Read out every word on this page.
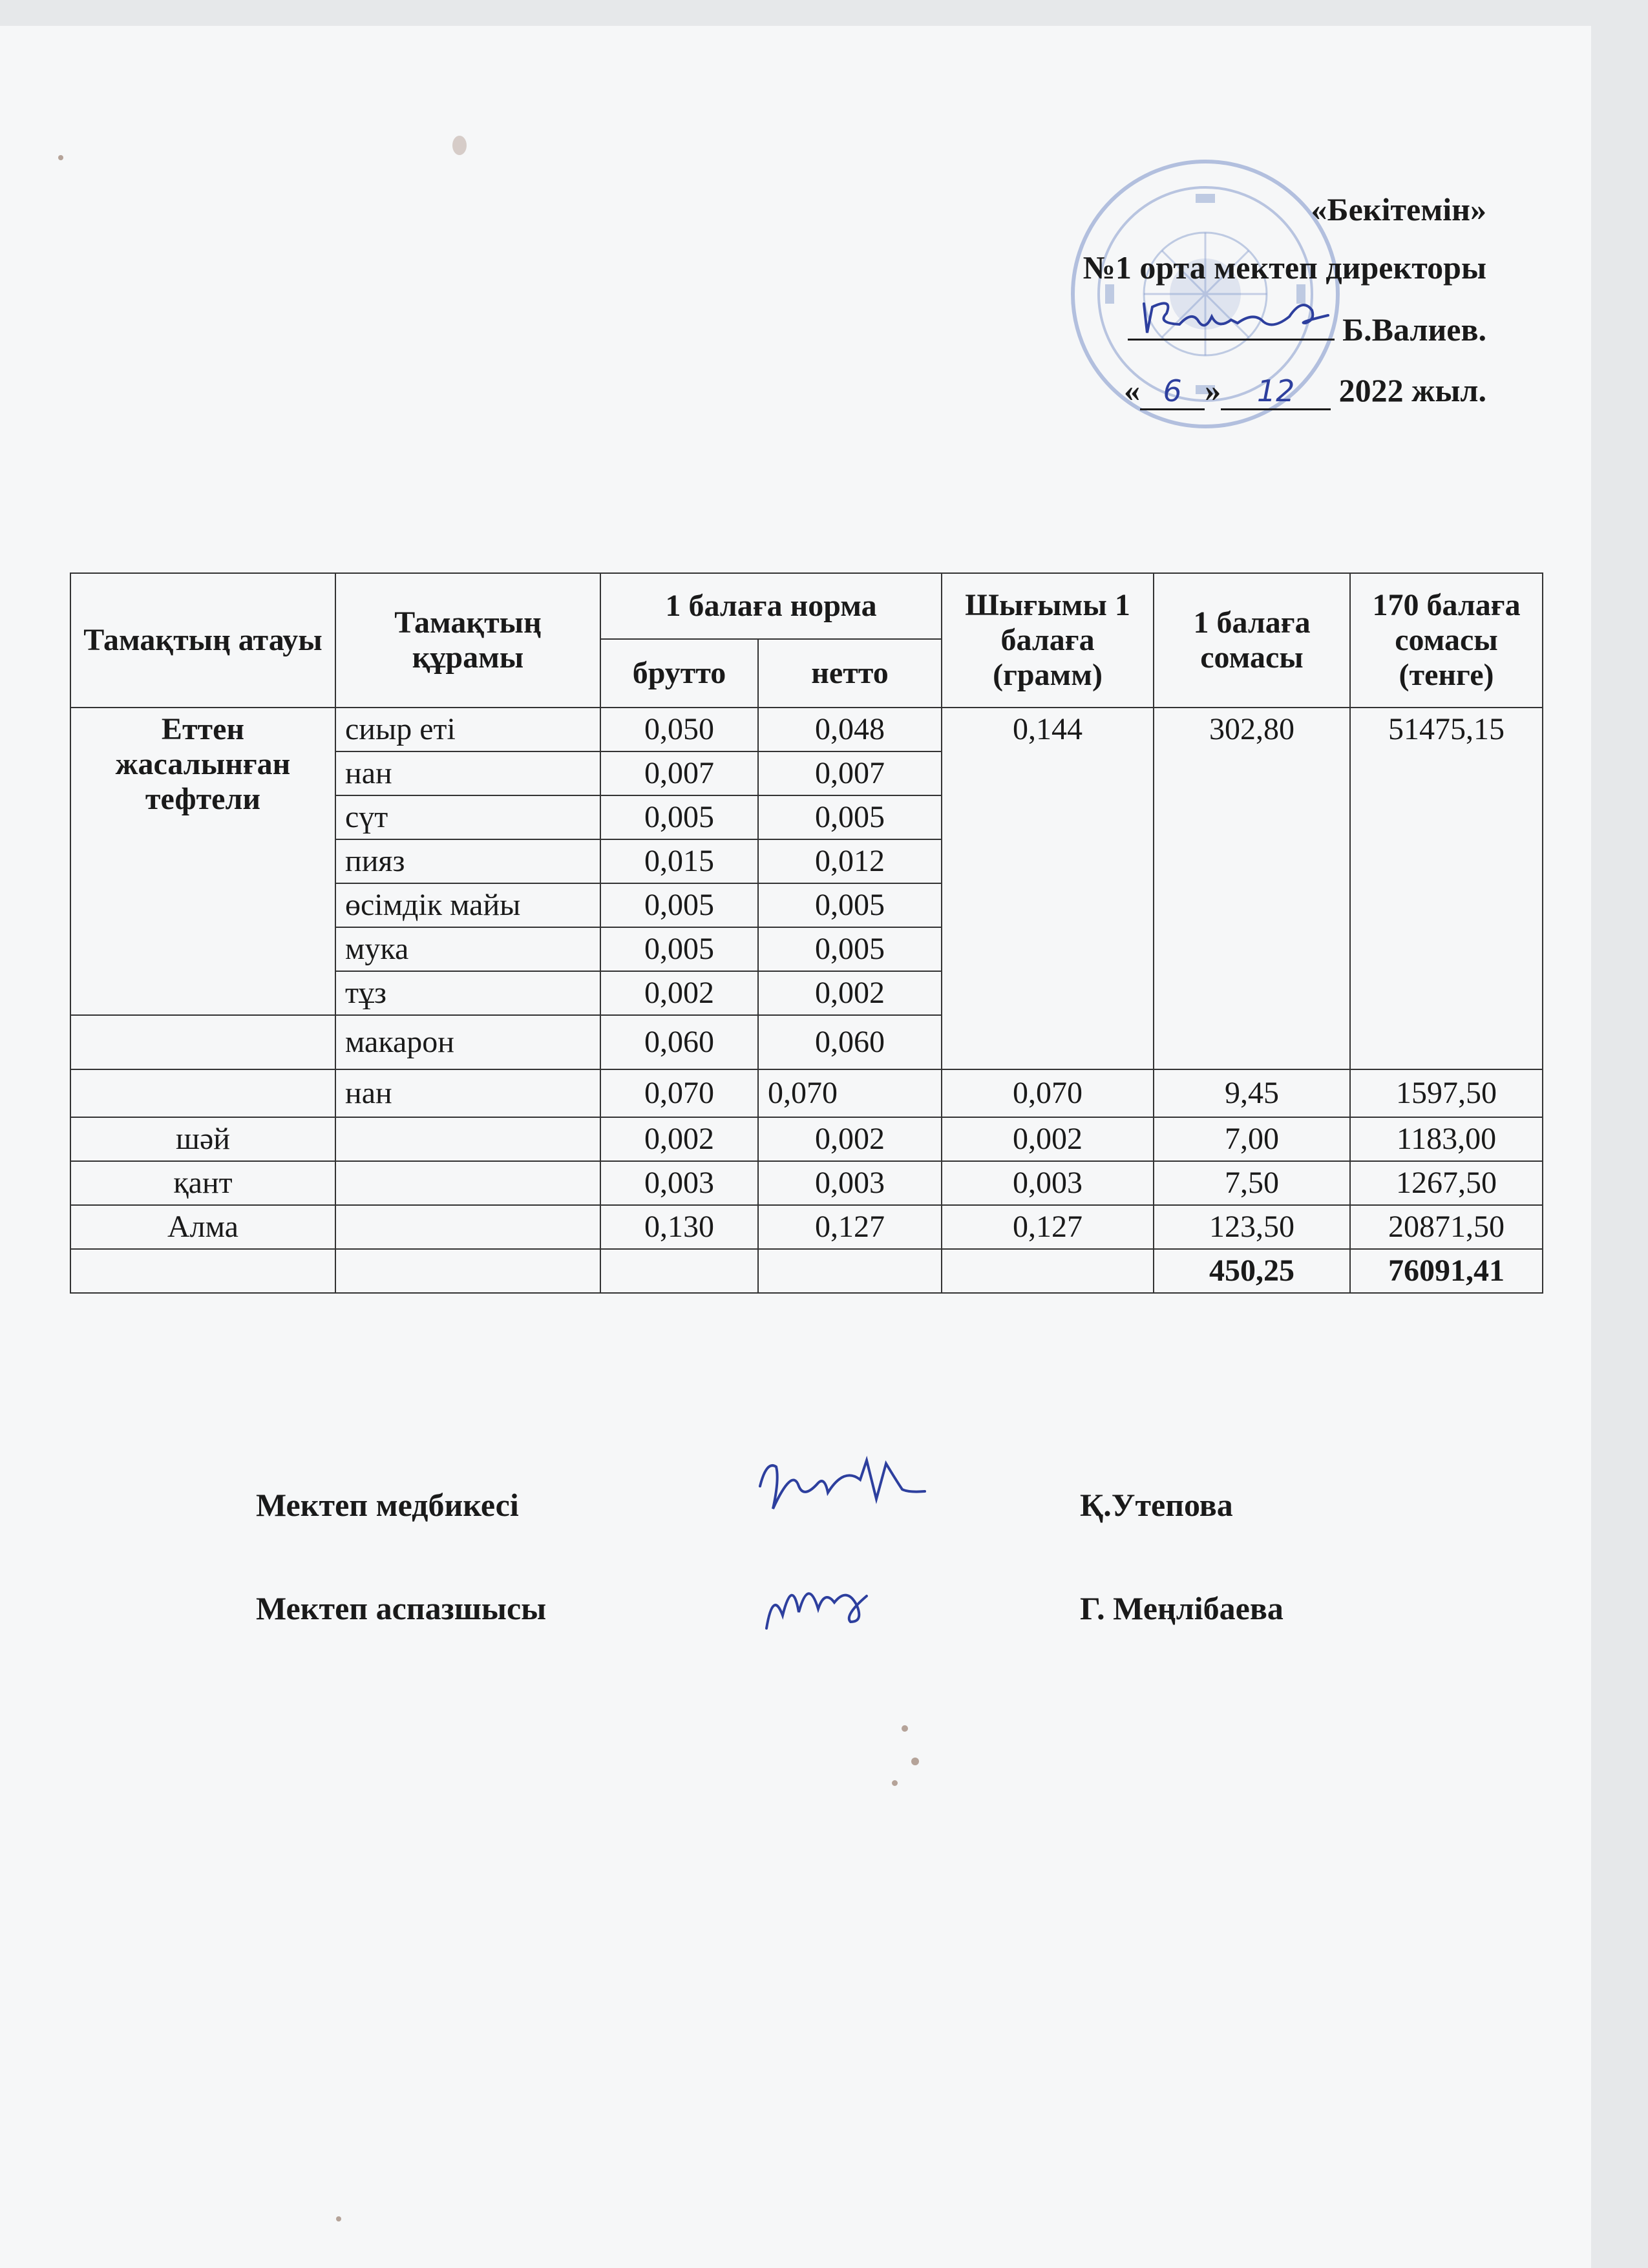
«Бекітемін»
№1 орта мектеп директоры
Б.Валиев.
« 6 » 12 2022 жыл.
Тамақтың атауы	Тамақтың құрамы	1 балаға норма		Шығымы 1 балаға (грамм)	1 балаға сомасы	170 балаға сомасы (тенге)
		брутто	нетто			
Еттен жасалынған тефтели	сиыр еті	0,050	0,048	0,144	302,80	51475,15
	нан	0,007	0,007			
	сүт	0,005	0,005			
	пияз	0,015	0,012			
	өсімдік майы	0,005	0,005			
	мука	0,005	0,005			
	тұз	0,002	0,002			
	макарон	0,060	0,060			
	нан	0,070	0,070	0,070	9,45	1597,50
шәй		0,002	0,002	0,002	7,00	1183,00
қант		0,003	0,003	0,003	7,50	1267,50
Алма		0,130	0,127	0,127	123,50	20871,50
					450,25	76091,41
Мектеп медбикесі	Қ.Утепова
Мектеп аспазшысы	Г. Меңлібаева
